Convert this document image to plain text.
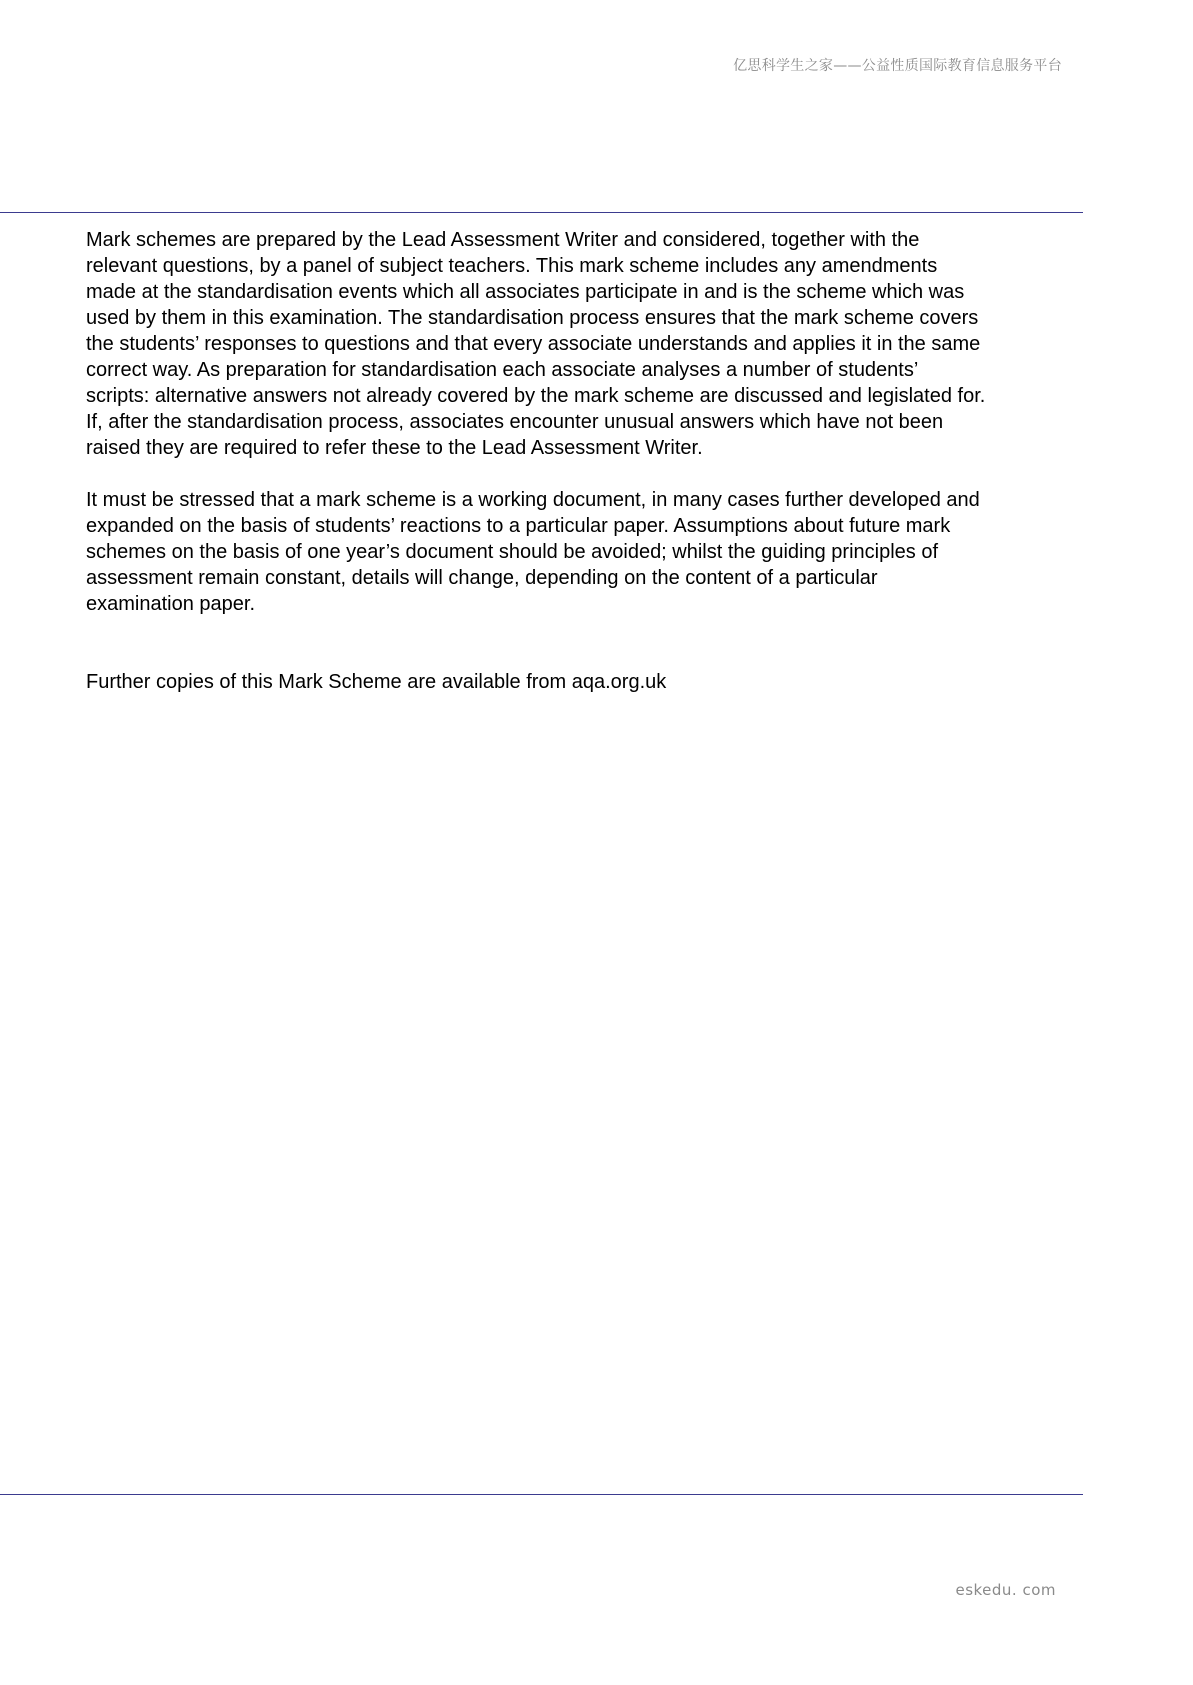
亿思科学生之家——公益性质国际教育信息服务平台

Mark schemes are prepared by the Lead Assessment Writer and considered, together with the
relevant questions, by a panel of subject teachers. This mark scheme includes any amendments
made at the standardisation events which all associates participate in and is the scheme which was
used by them in this examination. The standardisation process ensures that the mark scheme covers
the students’ responses to questions and that every associate understands and applies it in the same
correct way. As preparation for standardisation each associate analyses a number of students’
scripts: alternative answers not already covered by the mark scheme are discussed and legislated for.
If, after the standardisation process, associates encounter unusual answers which have not been
raised they are required to refer these to the Lead Assessment Writer.

It must be stressed that a mark scheme is a working document, in many cases further developed and
expanded on the basis of students’ reactions to a particular paper. Assumptions about future mark
schemes on the basis of one year’s document should be avoided; whilst the guiding principles of
assessment remain constant, details will change, depending on the content of a particular
examination paper.

Further copies of this Mark Scheme are available from aqa.org.uk

eskedu. com
